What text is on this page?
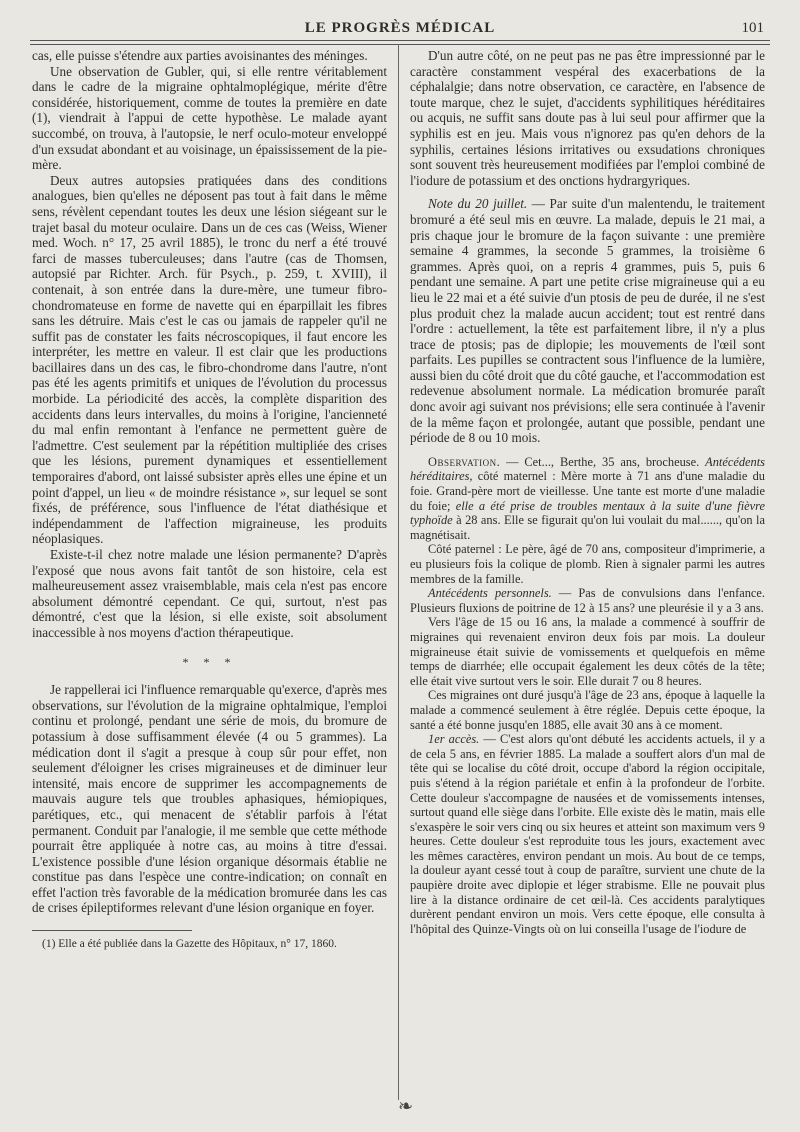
LE PROGRÈS MÉDICAL	101

cas, elle puisse s'étendre aux parties avoisinantes des méninges.

Une observation de Gubler, qui, si elle rentre véritablement dans le cadre de la migraine ophtalmoplégique, mérite d'être considérée, historiquement, comme de toutes la première en date (1), viendrait à l'appui de cette hypothèse. Le malade ayant succombé, on trouva, à l'autopsie, le nerf oculo-moteur enveloppé d'un exsudat abondant et au voisinage, un épaississement de la pie-mère.

Deux autres autopsies pratiquées dans des conditions analogues, bien qu'elles ne déposent pas tout à fait dans le même sens, révèlent cependant toutes les deux une lésion siégeant sur le trajet basal du moteur oculaire. Dans un de ces cas (Weiss, Wiener med. Woch. n° 17, 25 avril 1885), le tronc du nerf a été trouvé farci de masses tuberculeuses; dans l'autre (cas de Thomsen, autopsié par Richter. Arch. für Psych., p. 259, t. XVIII), il contenait, à son entrée dans la dure-mère, une tumeur fibro-chondromateuse en forme de navette qui en éparpillait les fibres sans les détruire. Mais c'est le cas ou jamais de rappeler qu'il ne suffit pas de constater les faits nécroscopiques, il faut encore les interpréter, les mettre en valeur. Il est clair que les productions bacillaires dans un des cas, le fibro-chondrome dans l'autre, n'ont pas été les agents primitifs et uniques de l'évolution du processus morbide. La périodicité des accès, la complète disparition des accidents dans leurs intervalles, du moins à l'origine, l'ancienneté du mal enfin remontant à l'enfance ne permettent guère de l'admettre. C'est seulement par la répétition multipliée des crises que les lésions, purement dynamiques et essentiellement temporaires d'abord, ont laissé subsister après elles une épine et un point d'appel, un lieu « de moindre résistance », sur lequel se sont fixés, de préférence, sous l'influence de l'état diathésique et indépendamment de l'affection migraineuse, les produits néoplasiques.

Existe-t-il chez notre malade une lésion permanente? D'après l'exposé que nous avons fait tantôt de son histoire, cela est malheureusement assez vraisemblable, mais cela n'est pas encore absolument démontré cependant. Ce qui, surtout, n'est pas démontré, c'est que la lésion, si elle existe, soit absolument inaccessible à nos moyens d'action thérapeutique.

* * *

Je rappellerai ici l'influence remarquable qu'exerce, d'après mes observations, sur l'évolution de la migraine ophtalmique, l'emploi continu et prolongé, pendant une série de mois, du bromure de potassium à dose suffisamment élevée (4 ou 5 grammes). La médication dont il s'agit a presque à coup sûr pour effet, non seulement d'éloigner les crises migraineuses et de diminuer leur intensité, mais encore de supprimer les accompagnements de mauvais augure tels que troubles aphasiques, hémiopiques, parétiques, etc., qui menacent de s'établir parfois à l'état permanent. Conduit par l'analogie, il me semble que cette méthode pourrait être appliquée à notre cas, au moins à titre d'essai. L'existence possible d'une lésion organique désormais établie ne constitue pas dans l'espèce une contre-indication; on connaît en effet l'action très favorable de la médication bromurée dans les cas de crises épileptiformes relevant d'une lésion organique en foyer.

(1) Elle a été publiée dans la Gazette des Hôpitaux, n° 17, 1860.

D'un autre côté, on ne peut pas ne pas être impressionné par le caractère constamment vespéral des exacerbations de la céphalalgie; dans notre observation, ce caractère, en l'absence de toute marque, chez le sujet, d'accidents syphilitiques héréditaires ou acquis, ne suffit sans doute pas à lui seul pour affirmer que la syphilis est en jeu. Mais vous n'ignorez pas qu'en dehors de la syphilis, certaines lésions irritatives ou exsudations chroniques sont souvent très heureusement modifiées par l'emploi combiné de l'iodure de potassium et des onctions hydrargyriques.

Note du 20 juillet. — Par suite d'un malentendu, le traitement bromuré a été seul mis en œuvre. La malade, depuis le 21 mai, a pris chaque jour le bromure de la façon suivante : une première semaine 4 grammes, la seconde 5 grammes, la troisième 6 grammes. Après quoi, on a repris 4 grammes, puis 5, puis 6 pendant une semaine. A part une petite crise migraineuse qui a eu lieu le 22 mai et a été suivie d'un ptosis de peu de durée, il ne s'est plus produit chez la malade aucun accident; tout est rentré dans l'ordre : actuellement, la tête est parfaitement libre, il n'y a plus trace de ptosis; pas de diplopie; les mouvements de l'œil sont parfaits. Les pupilles se contractent sous l'influence de la lumière, aussi bien du côté droit que du côté gauche, et l'accommodation est redevenue absolument normale. La médication bromurée paraît donc avoir agi suivant nos prévisions; elle sera continuée à l'avenir de la même façon et prolongée, autant que possible, pendant une période de 8 ou 10 mois.

Observation. — Cet..., Berthe, 35 ans, brocheuse. Antécédents héréditaires, côté maternel : Mère morte à 71 ans d'une maladie du foie. Grand-père mort de vieillesse. Une tante est morte d'une maladie du foie; elle a été prise de troubles mentaux à la suite d'une fièvre typhoïde à 28 ans. Elle se figurait qu'on lui voulait du mal......, qu'on la magnétisait.

Côté paternel : Le père, âgé de 70 ans, compositeur d'imprimerie, a eu plusieurs fois la colique de plomb. Rien à signaler parmi les autres membres de la famille.

Antécédents personnels. — Pas de convulsions dans l'enfance. Plusieurs fluxions de poitrine de 12 à 15 ans? une pleurésie il y a 3 ans.

Vers l'âge de 15 ou 16 ans, la malade a commencé à souffrir de migraines qui revenaient environ deux fois par mois. La douleur migraineuse était suivie de vomissements et quelquefois en même temps de diarrhée; elle occupait également les deux côtés de la tête; elle était vive surtout vers le soir. Elle durait 7 ou 8 heures.

Ces migraines ont duré jusqu'à l'âge de 23 ans, époque à laquelle la malade a commencé seulement à être réglée. Depuis cette époque, la santé a été bonne jusqu'en 1885, elle avait 30 ans à ce moment.

1er accès. — C'est alors qu'ont débuté les accidents actuels, il y a de cela 5 ans, en février 1885. La malade a souffert alors d'un mal de tête qui se localise du côté droit, occupe d'abord la région occipitale, puis s'étend à la région pariétale et enfin à la profondeur de l'orbite. Cette douleur s'accompagne de nausées et de vomissements intenses, surtout quand elle siège dans l'orbite. Elle existe dès le matin, mais elle s'exaspère le soir vers cinq ou six heures et atteint son maximum vers 9 heures. Cette douleur s'est reproduite tous les jours, exactement avec les mêmes caractères, environ pendant un mois. Au bout de ce temps, la douleur ayant cessé tout à coup de paraître, survient une chute de la paupière droite avec diplopie et léger strabisme. Elle ne pouvait plus lire à la distance ordinaire de cet œil-là. Ces accidents paralytiques durèrent pendant environ un mois. Vers cette époque, elle consulta à l'hôpital des Quinze-Vingts où on lui conseilla l'usage de l'iodure de

❧
